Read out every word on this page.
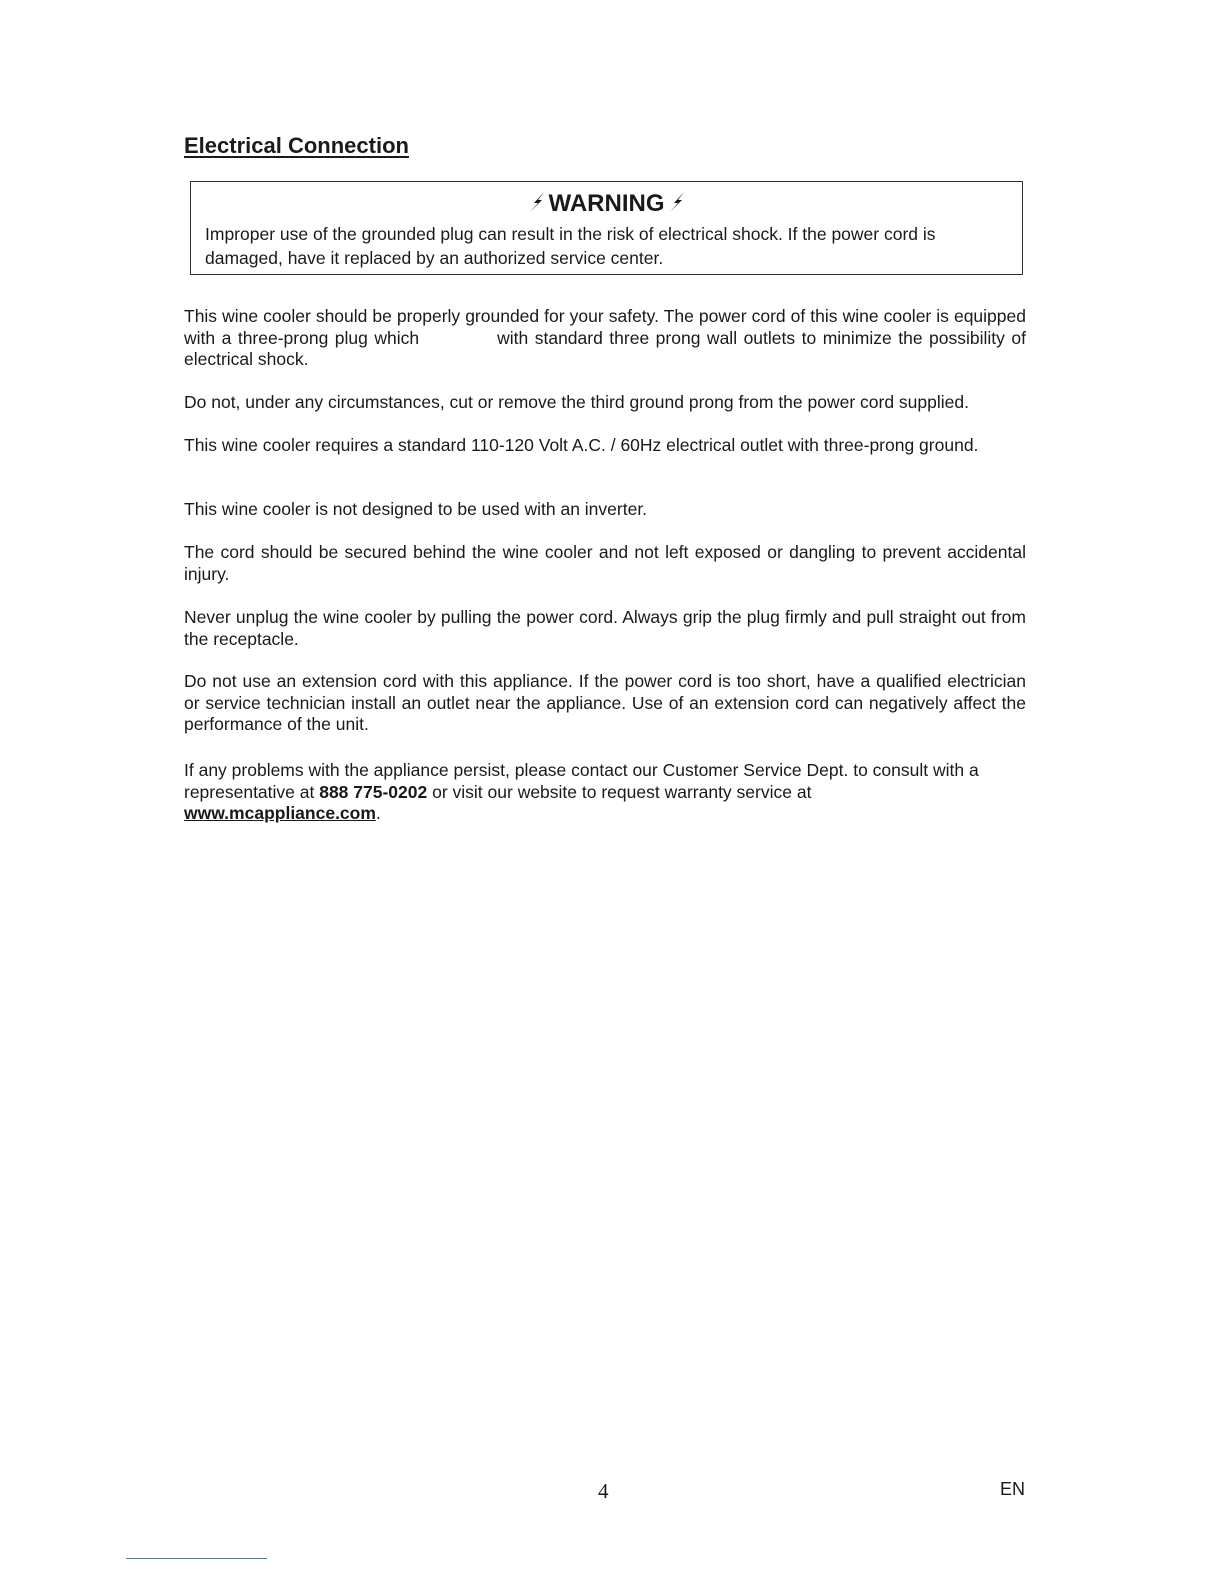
Electrical Connection
WARNING
Improper use of the grounded plug can result in the risk of electrical shock. If the power cord is damaged, have it replaced by an authorized service center.

This wine cooler should be properly grounded for your safety. The power cord of this wine cooler is equipped with a three-prong plug which	with standard three prong wall outlets to minimize the possibility of electrical shock.

Do not, under any circumstances, cut or remove the third ground prong from the power cord supplied.

This wine cooler requires a standard 110-120 Volt A.C. / 60Hz electrical outlet with three-prong ground.

This wine cooler is not designed to be used with an inverter.

The cord should be secured behind the wine cooler and not left exposed or dangling to prevent accidental injury.

Never unplug the wine cooler by pulling the power cord. Always grip the plug firmly and pull straight out from the receptacle.

Do not use an extension cord with this appliance. If the power cord is too short, have a qualified electrician or service technician install an outlet near the appliance. Use of an extension cord can negatively affect the performance of the unit.

If any problems with the appliance persist, please contact our Customer Service Dept. to consult with a representative at 888 775-0202 or visit our website to request warranty service at
www.mcappliance.com.

4	EN
